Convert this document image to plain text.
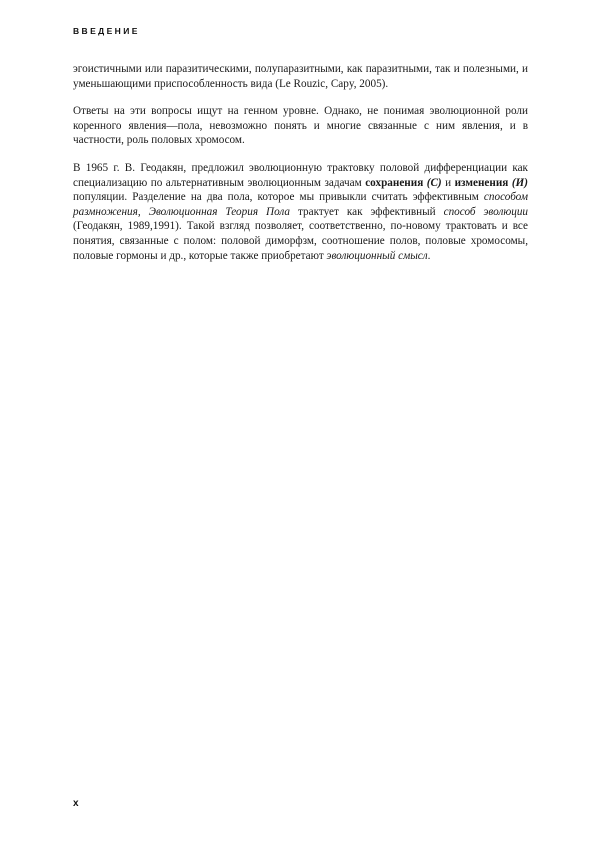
ВВЕДЕНИЕ

эгоистичными или паразитическими, полупаразитными, как паразитными, так и полезными, и уменьшающими приспособленность вида (Le Rouzic, Capy, 2005).

Ответы на эти вопросы ищут на генном уровне. Однако, не понимая эволюционной роли коренного явления—пола, невозможно понять и многие связанные с ним явления, и в частности, роль половых хромосом.

В 1965 г. В. Геодакян, предложил эволюционную трактовку половой дифференциации как специализацию по альтернативным эволюционным задачам сохранения (С) и изменения (И) популяции. Разделение на два пола, которое мы привыкли считать эффективным способом размножения, Эволюционная Теория Пола трактует как эффективный способ эволюции (Геодакян, 1989,1991). Такой взгляд позволяет, соответственно, по-новому трактовать и все понятия, связанные с полом: половой диморфзм, соотношение полов, половые хромосомы, половые гормоны и др., которые также приобретают эволюционный смысл.

x
